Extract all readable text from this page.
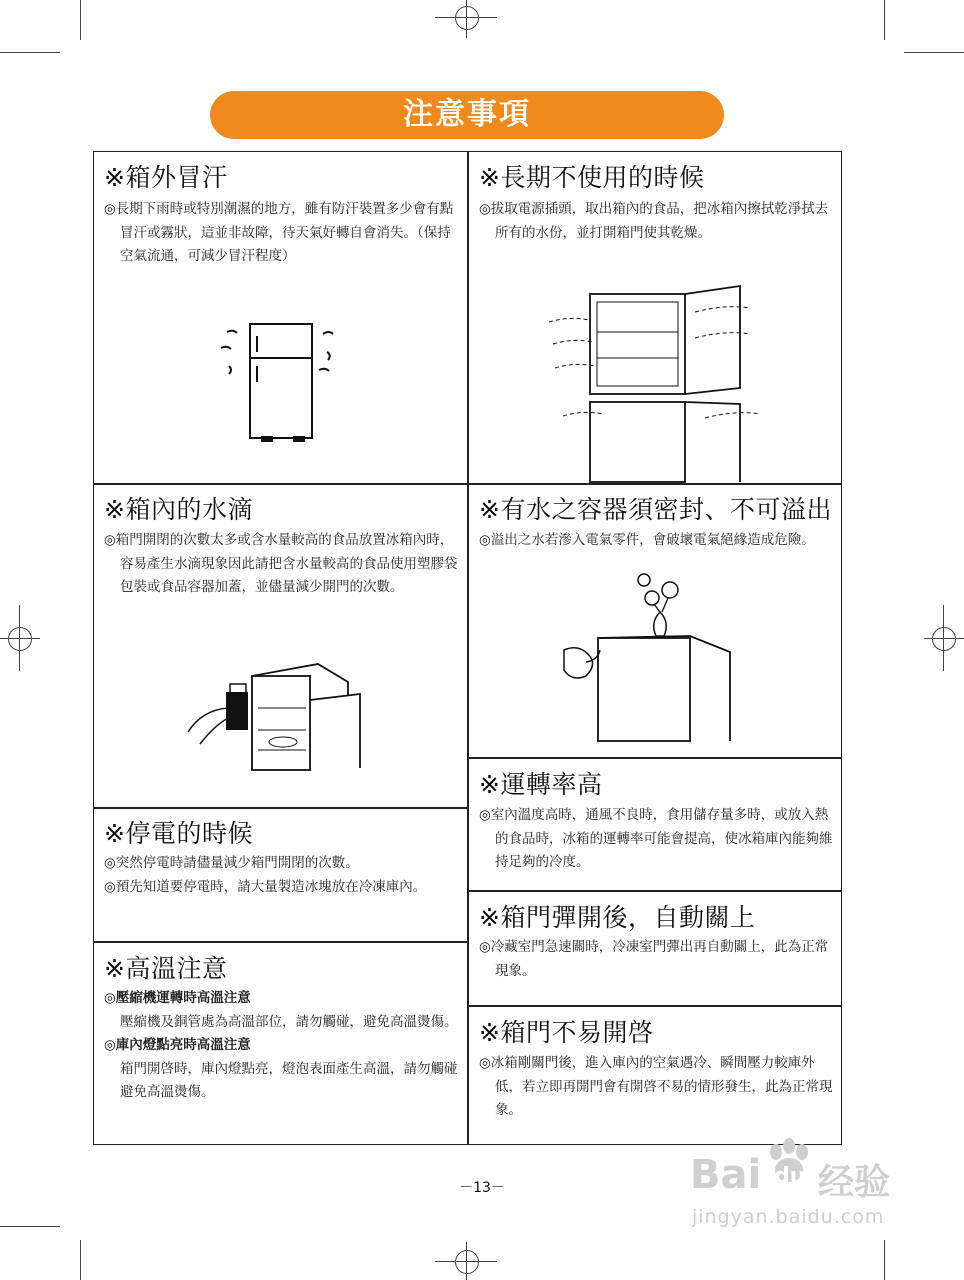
注意事項
※箱外冒汗

◎長期下雨時或特別潮濕的地方，雖有防汗裝置多少會有點冒汗或霧狀，這並非故障，待天氣好轉自會消失。（保持空氣流通，可減少冒汗程度）

※長期不使用的時候

◎拔取電源插頭，取出箱內的食品，把冰箱內擦拭乾淨拭去所有的水份，並打開箱門使其乾燥。

※箱內的水滴

◎箱門開閉的次數太多或含水量較高的食品放置冰箱內時，容易產生水滴現象因此請把含水量較高的食品使用塑膠袋包裝或食品容器加蓋，並儘量減少開門的次數。

※有水之容器須密封、不可溢出

◎溢出之水若滲入電氣零件，會破壞電氣絕緣造成危險。

※停電的時候

◎突然停電時請儘量減少箱門開閉的次數。

◎預先知道要停電時，請大量製造冰塊放在冷凍庫內。

※高溫注意

◎壓縮機運轉時高溫注意

壓縮機及銅管處為高溫部位，請勿觸碰，避免高溫燙傷。

◎庫內燈點亮時高溫注意

箱門開啓時，庫內燈點亮，燈泡表面產生高溫，請勿觸碰避免高溫燙傷。

※運轉率高

◎室內溫度高時，通風不良時，食用儲存量多時，或放入熱的食品時，冰箱的運轉率可能會提高，使冰箱庫內能夠維持足夠的冷度。

※箱門彈開後，自動關上

◎冷藏室門急速關時，冷凍室門彈出再自動關上，此為正常現象。

※箱門不易開啓

◎冰箱剛關門後，進入庫內的空氣遇冷、瞬間壓力較庫外低，若立即再開門會有開啓不易的情形發生，此為正常現象。

－13－	Bai du 经验
jingyan.baidu.com
